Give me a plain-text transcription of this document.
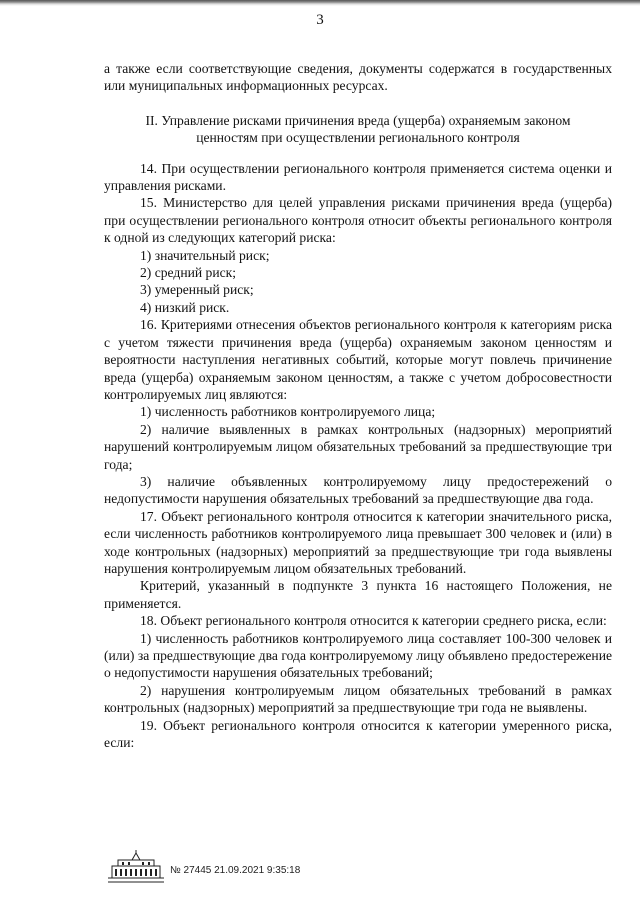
3

а также если соответствующие сведения, документы содержатся в государственных или муниципальных информационных ресурсах.

II. Управление рисками причинения вреда (ущерба) охраняемым законом ценностям при осуществлении регионального контроля

14. При осуществлении регионального контроля применяется система оценки и управления рисками.

15. Министерство для целей управления рисками причинения вреда (ущерба) при осуществлении регионального контроля относит объекты регионального контроля к одной из следующих категорий риска:

1) значительный риск;

2) средний риск;

3) умеренный риск;

4) низкий риск.

16. Критериями отнесения объектов регионального контроля к категориям риска с учетом тяжести причинения вреда (ущерба) охраняемым законом ценностям и вероятности наступления негативных событий, которые могут повлечь причинение вреда (ущерба) охраняемым законом ценностям, а также с учетом добросовестности контролируемых лиц являются:

1) численность работников контролируемого лица;

2) наличие выявленных в рамках контрольных (надзорных) мероприятий нарушений контролируемым лицом обязательных требований за предшествующие три года;

3) наличие объявленных контролируемому лицу предостережений о недопустимости нарушения обязательных требований за предшествующие два года.

17. Объект регионального контроля относится к категории значительного риска, если численность работников контролируемого лица превышает 300 человек и (или) в ходе контрольных (надзорных) мероприятий за предшествующие три года выявлены нарушения контролируемым лицом обязательных требований.

Критерий, указанный в подпункте 3 пункта 16 настоящего Положения, не применяется.

18. Объект регионального контроля относится к категории среднего риска, если:

1) численность работников контролируемого лица составляет 100-300 человек и (или) за предшествующие два года контролируемому лицу объявлено предостережение о недопустимости нарушения обязательных требований;

2) нарушения контролируемым лицом обязательных требований в рамках контрольных (надзорных) мероприятий за предшествующие три года не выявлены.

19. Объект регионального контроля относится к категории умеренного риска, если:

№ 27445 21.09.2021 9:35:18
